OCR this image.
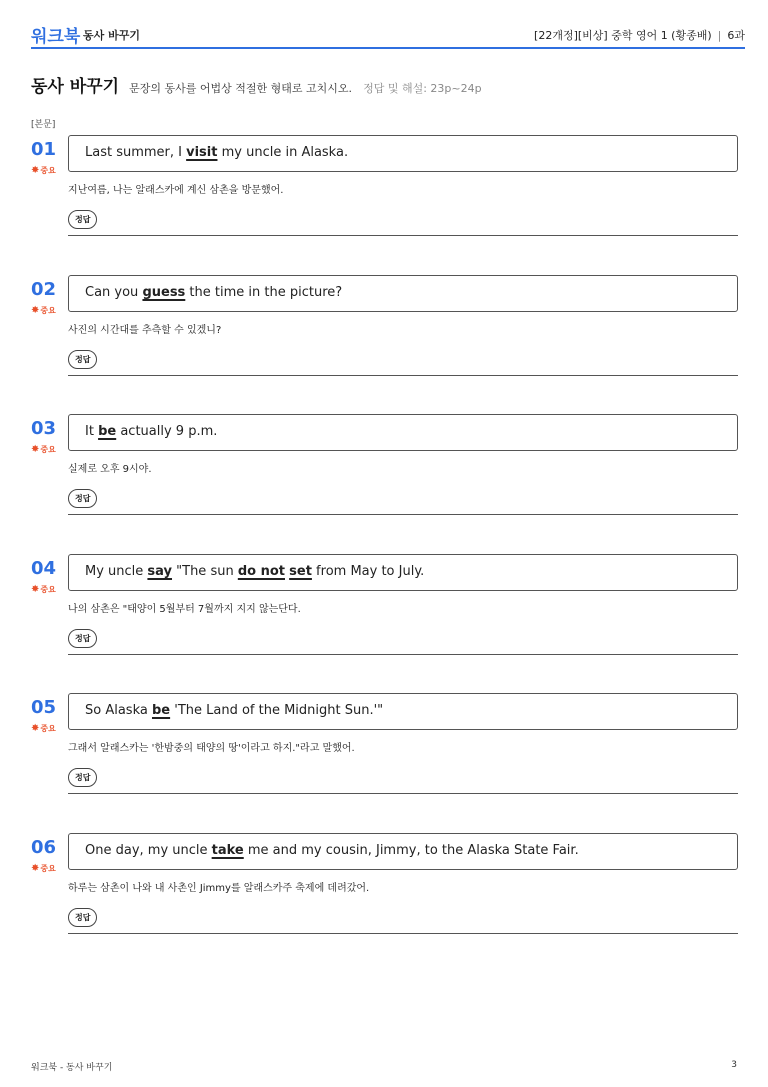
워크북 동사 바꾸기	[22개정][비상] 중학 영어 1 (황종배) | 6과
동사 바꾸기 문장의 동사를 어법상 적절한 형태로 고치시오. 정답 및 해설: 23p~24p
[본문]
01
✸중요
Last summer, I visit my uncle in Alaska.
지난여름, 나는 알래스카에 계신 삼촌을 방문했어.
정답
02
✸중요
Can you guess the time in the picture?
사진의 시간대를 추측할 수 있겠니?
정답
03
✸중요
It be actually 9 p.m.
실제로 오후 9시야.
정답
04
✸중요
My uncle say "The sun do not set from May to July.
나의 삼촌은 "태양이 5월부터 7월까지 지지 않는단다.
정답
05
✸중요
So Alaska be 'The Land of the Midnight Sun.'"
그래서 알래스카는 '한밤중의 태양의 땅'이라고 하지."라고 말했어.
정답
06
✸중요
One day, my uncle take me and my cousin, Jimmy, to the Alaska State Fair.
하루는 삼촌이 나와 내 사촌인 Jimmy를 알래스카주 축제에 데려갔어.
정답
워크북 - 동사 바꾸기	3
